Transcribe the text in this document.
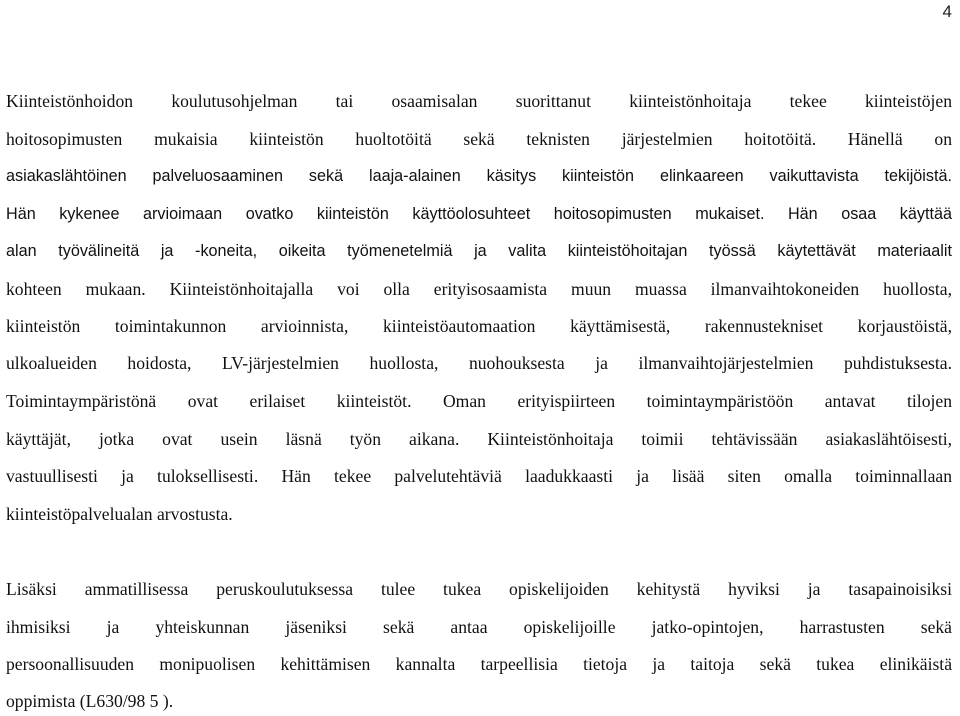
4
Kiinteistönhoidon koulutusohjelman tai osaamisalan suorittanut kiinteistönhoitaja tekee kiinteistöjen
hoitosopimusten mukaisia kiinteistön huoltotöitä sekä teknisten järjestelmien hoitotöitä. Hänellä on
asiakaslähtöinen palveluosaaminen sekä laaja-alainen käsitys kiinteistön elinkaareen vaikuttavista tekijöistä.
Hän kykenee arvioimaan ovatko kiinteistön käyttöolosuhteet hoitosopimusten mukaiset. Hän osaa käyttää
alan työvälineitä ja -koneita, oikeita työmenetelmiä ja valita kiinteistöhoitajan työssä käytettävät materiaalit
kohteen mukaan. Kiinteistönhoitajalla voi olla erityisosaamista muun muassa ilmanvaihtokoneiden huollosta,
kiinteistön toimintakunnon arvioinnista, kiinteistöautomaation käyttämisestä, rakennustekniset korjaustöistä,
ulkoalueiden hoidosta, LV-järjestelmien huollosta, nuohouksesta ja ilmanvaihtojärjestelmien puhdistuksesta.
Toimintaympäristönä ovat erilaiset kiinteistöt. Oman erityispiirteen toimintaympäristöön antavat tilojen
käyttäjät, jotka ovat usein läsnä työn aikana. Kiinteistönhoitaja toimii tehtävissään asiakaslähtöisesti,
vastuullisesti ja tuloksellisesti. Hän tekee palvelutehtäviä laadukkaasti ja lisää siten omalla toiminnallaan
kiinteistöpalvelualan arvostusta.
Lisäksi ammatillisessa peruskoulutuksessa tulee tukea opiskelijoiden kehitystä hyviksi ja tasapainoisiksi
ihmisiksi ja yhteiskunnan jäseniksi sekä antaa opiskelijoille jatko-opintojen, harrastusten sekä
persoonallisuuden monipuolisen kehittämisen kannalta tarpeellisia tietoja ja taitoja sekä tukea elinikäistä
oppimista (L630/98 5 ).
